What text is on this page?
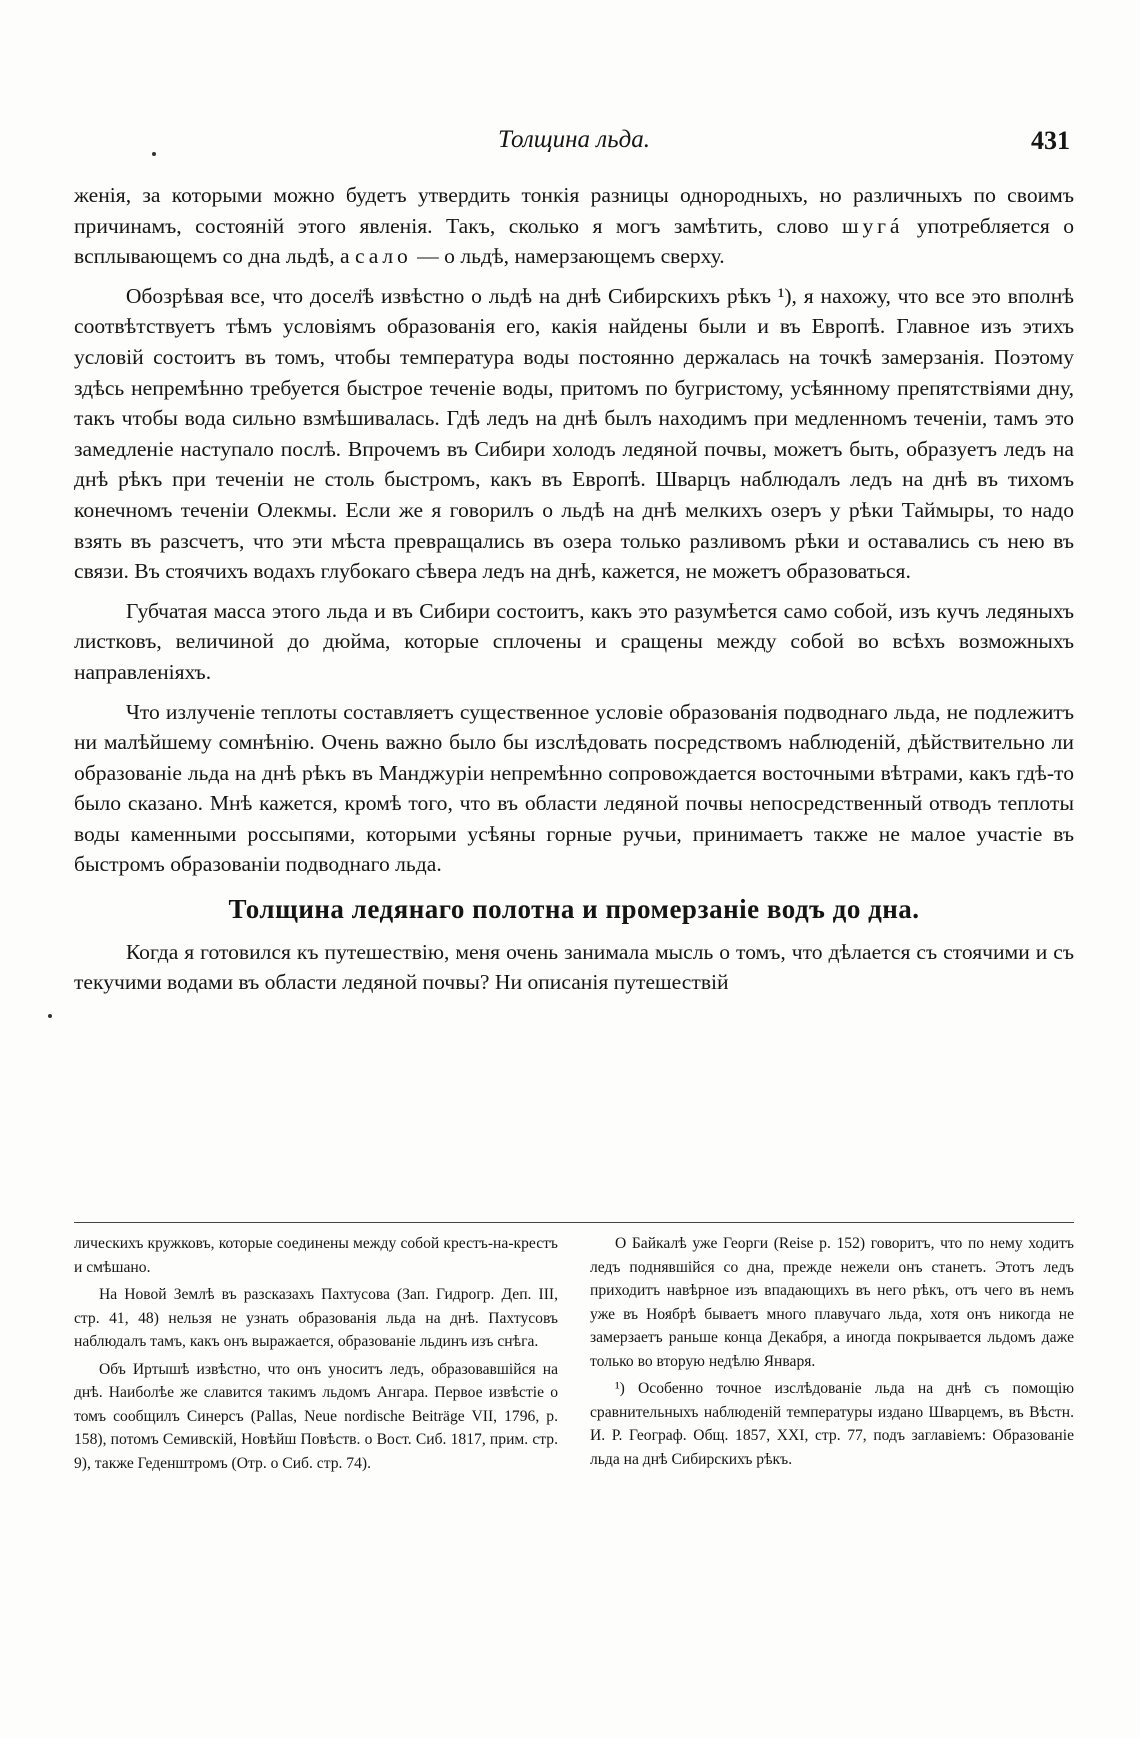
Толщина льда.	431

женія, за которыми можно будетъ утвердить тонкія разницы однородныхъ, но различныхъ по своимъ причинамъ, состояній этого явленія. Такъ, сколько я могъ замѣтить, слово шугá употребляется о всплывающемъ со дна льдѣ, а сало — о льдѣ, намерзающемъ сверху.

Обозрѣвая все, что досел̈ѣ извѣстно о льдѣ на днѣ Сибирскихъ рѣкъ ¹), я нахожу, что все это вполнѣ соотвѣтствуетъ тѣмъ условіямъ образованія его, какія найдены были и въ Европѣ. Главное изъ этихъ условій состоитъ въ томъ, чтобы температура воды постоянно держалась на точкѣ замерзанія. Поэтому здѣсь непремѣнно требуется быстрое теченіе воды, притомъ по бугристому, усѣянному препятствіями дну, такъ чтобы вода сильно взмѣшивалась. Гдѣ ледъ на днѣ былъ находимъ при медленномъ теченіи, тамъ это замедленіе наступало послѣ. Впрочемъ въ Сибири холодъ ледяной почвы, можетъ быть, образуетъ ледъ на днѣ рѣкъ при теченіи не столь быстромъ, какъ въ Европѣ. Шварцъ наблюдалъ ледъ на днѣ въ тихомъ конечномъ теченіи Олекмы. Если же я говорилъ о льдѣ на днѣ мелкихъ озеръ у рѣки Таймыры, то надо взять въ разсчетъ, что эти мѣста превращались въ озера только разливомъ рѣки и оставались съ нею въ связи. Въ стоячихъ водахъ глубокаго сѣвера ледъ на днѣ, кажется, не можетъ образоваться.

Губчатая масса этого льда и въ Сибири состоитъ, какъ это разумѣется само собой, изъ кучъ ледяныхъ листковъ, величиной до дюйма, которые сплочены и сращены между собой во всѣхъ возможныхъ направленіяхъ.

Что излученіе теплоты составляетъ существенное условіе образованія подводнаго льда, не подлежитъ ни малѣйшему сомнѣнію. Очень важно было бы изслѣдовать посредствомъ наблюденій, дѣйствительно ли образованіе льда на днѣ рѣкъ въ Манджуріи непремѣнно сопровождается восточными вѣтрами, какъ гдѣ-то было сказано. Мнѣ кажется, кромѣ того, что въ области ледяной почвы непосредственный отводъ теплоты воды каменными россыпями, которыми усѣяны горные ручьи, принимаетъ также не малое участіе въ быстромъ образованіи подводнаго льда.

Толщина ледянаго полотна и промерзаніе водъ до дна.

Когда я готовился къ путешествію, меня очень занимала мысль о томъ, что дѣлается съ стоячими и съ текучими водами въ области ледяной почвы? Ни описанія путешествій

лическихъ кружковъ, которые соединены между собой крестъ-на-крестъ и смѣшано.

На Новой Землѣ въ разсказахъ Пахтусова (Зап. Гидрогр. Деп. III, стр. 41, 48) нельзя не узнать образованія льда на днѣ. Пахтусовъ наблюдалъ тамъ, какъ онъ выражается, образованіе льдинъ изъ снѣга.

Объ Иртышѣ извѣстно, что онъ уноситъ ледъ, образовавшійся на днѣ. Наиболѣе же славится такимъ льдомъ Ангара. Первое извѣстіе о томъ сообщилъ Синерсъ (Pallas, Neue nordische Beiträge VII, 1796, p. 158), потомъ Семивскій, Новѣйш Повѣств. о Вост. Сиб. 1817, прим. стр. 9), также Геденштромъ (Отр. о Сиб. стр. 74).

О Байкалѣ уже Георги (Reise p. 152) говоритъ, что по нему ходитъ ледъ поднявшійся со дна, прежде нежели онъ станетъ. Этотъ ледъ приходитъ навѣрное изъ впадающихъ въ него рѣкъ, отъ чего въ немъ уже въ Ноябрѣ бываетъ много плавучаго льда, хотя онъ никогда не замерзаетъ раньше конца Декабря, а иногда покрывается льдомъ даже только во вторую недѣлю Января.

¹) Особенно точное изслѣдованіе льда на днѣ съ помощію сравнительныхъ наблюденій температуры издано Шварцемъ, въ Вѣстн. И. Р. Географ. Общ. 1857, XXI, стр. 77, подъ заглавіемъ: Образованіе льда на днѣ Сибирскихъ рѣкъ.
